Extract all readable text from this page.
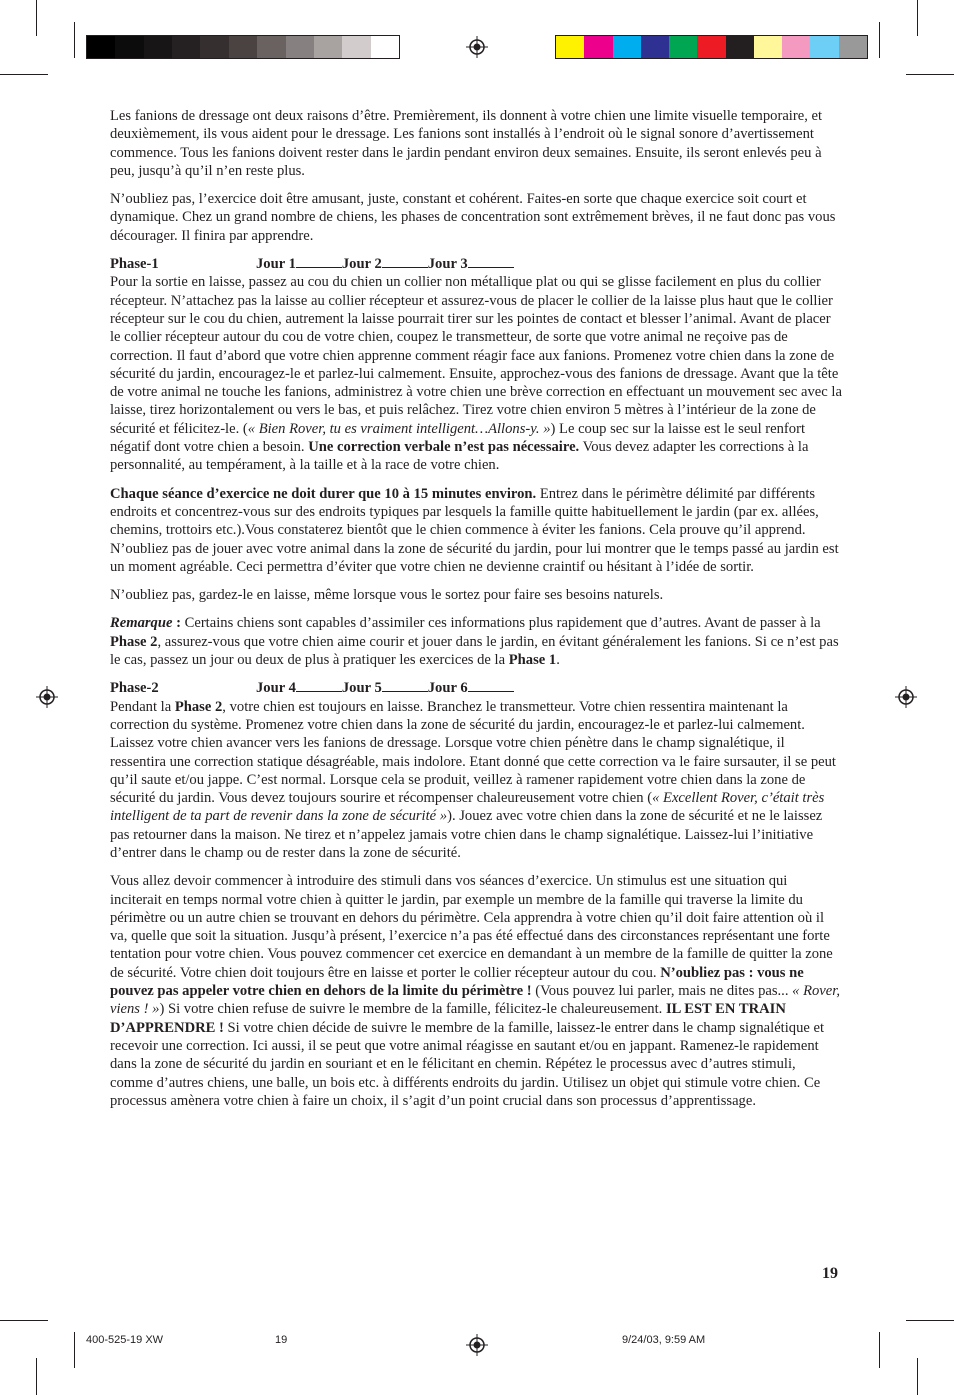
Les fanions de dressage ont deux raisons d’être. Premièrement, ils donnent à votre chien une limite visuelle temporaire, et deuxièmement, ils vous aident pour le dressage. Les fanions sont installés à l’endroit où le signal sonore d’avertissement commence. Tous les fanions doivent rester dans le jardin pendant environ deux semaines. Ensuite, ils seront enlevés peu à peu, jusqu’à qu’il n’en reste plus.

N’oubliez pas, l’exercice doit être amusant, juste, constant et cohérent. Faites-en sorte que chaque exercice soit court et dynamique. Chez un grand nombre de chiens, les phases de concentration sont extrêmement brèves, il ne faut donc pas vous décourager. Il finira par apprendre.

Phase-1	Jour 1	Jour 2	Jour 3

Pour la sortie en laisse, passez au cou du chien un collier non métallique plat ou qui se glisse facilement en plus du collier récepteur. N’attachez pas la laisse au collier récepteur et assurez-vous de placer le collier de la laisse plus haut que le collier récepteur sur le cou du chien, autrement la laisse pourrait tirer sur les pointes de contact et blesser l’animal. Avant de placer le collier récepteur autour du cou de votre chien, coupez le transmetteur, de sorte que votre animal ne reçoive pas de correction. Il faut d’abord que votre chien apprenne comment réagir face aux fanions. Promenez votre chien dans la zone de sécurité du jardin, encouragez-le et parlez-lui calmement. Ensuite, approchez-vous des fanions de dressage. Avant que la tête de votre animal ne touche les fanions, administrez à votre chien une brève correction en effectuant un mouvement sec avec la laisse, tirez horizontalement ou vers le bas, et puis relâchez. Tirez votre chien environ 5 mètres à l’intérieur de la zone de sécurité et félicitez-le. (« Bien Rover, tu es vraiment intelligent…Allons-y. ») Le coup sec sur la laisse est le seul renfort négatif dont votre chien a besoin. Une correction verbale n’est pas nécessaire. Vous devez adapter les corrections à la personnalité, au tempérament, à la taille et à la race de votre chien.

Chaque séance d’exercice ne doit durer que 10 à 15 minutes environ. Entrez dans le périmètre délimité par différents endroits et concentrez-vous sur des endroits typiques par lesquels la famille quitte habituellement le jardin (par ex. allées, chemins, trottoirs etc.).Vous constaterez bientôt que le chien commence à éviter les fanions. Cela prouve qu’il apprend. N’oubliez pas de jouer avec votre animal dans la zone de sécurité du jardin, pour lui montrer que le temps passé au jardin est un moment agréable. Ceci permettra d’éviter que votre chien ne devienne craintif ou hésitant à l’idée de sortir.

N’oubliez pas, gardez-le en laisse, même lorsque vous le sortez pour faire ses besoins naturels.

Remarque : Certains chiens sont capables d’assimiler ces informations plus rapidement que d’autres. Avant de passer à la Phase 2, assurez-vous que votre chien aime courir et jouer dans le jardin, en évitant généralement les fanions. Si ce n’est pas le cas, passez un jour ou deux de plus à pratiquer les exercices de la Phase 1.

Phase-2	Jour 4	Jour 5	Jour 6

Pendant la Phase 2, votre chien est toujours en laisse. Branchez le transmetteur. Votre chien ressentira maintenant la correction du système. Promenez votre chien dans la zone de sécurité du jardin, encouragez-le et parlez-lui calmement. Laissez votre chien avancer vers les fanions de dressage. Lorsque votre chien pénètre dans le champ signalétique, il ressentira une correction statique désagréable, mais indolore. Etant donné que cette correction va le faire sursauter, il se peut qu’il saute et/ou jappe. C’est normal. Lorsque cela se produit, veillez à ramener rapidement votre chien dans la zone de sécurité du jardin. Vous devez toujours sourire et récompenser chaleureusement votre chien (« Excellent Rover, c’était très intelligent de ta part de revenir dans la zone de sécurité »). Jouez avec votre chien dans la zone de sécurité et ne le laissez pas retourner dans la maison. Ne tirez et n’appelez jamais votre chien dans le champ signalétique. Laissez-lui l’initiative d’entrer dans le champ ou de rester dans la zone de sécurité.

Vous allez devoir commencer à introduire des stimuli dans vos séances d’exercice. Un stimulus est une situation qui inciterait en temps normal votre chien à quitter le jardin, par exemple un membre de la famille qui traverse la limite du périmètre ou un autre chien se trouvant en dehors du périmètre. Cela apprendra à votre chien qu’il doit faire attention où il va, quelle que soit la situation. Jusqu’à présent, l’exercice n’a pas été effectué dans des circonstances représentant une forte tentation pour votre chien. Vous pouvez commencer cet exercice en demandant à un membre de la famille de quitter la zone de sécurité. Votre chien doit toujours être en laisse et porter le collier récepteur autour du cou. N’oubliez pas : vous ne pouvez pas appeler votre chien en dehors de la limite du périmètre ! (Vous pouvez lui parler, mais ne dites pas... « Rover, viens ! ») Si votre chien refuse de suivre le membre de la famille, félicitez-le chaleureusement. IL EST EN TRAIN D’APPRENDRE ! Si votre chien décide de suivre le membre de la famille, laissez-le entrer dans le champ signalétique et recevoir une correction. Ici aussi, il se peut que votre animal réagisse en sautant et/ou en jappant. Ramenez-le rapidement dans la zone de sécurité du jardin en souriant et en le félicitant en chemin. Répétez le processus avec d’autres stimuli, comme d’autres chiens, une balle, un bois etc. à différents endroits du jardin. Utilisez un objet qui stimule votre chien. Ce processus amènera votre chien à faire un choix, il s’agit d’un point crucial dans son processus d’apprentissage.

19
400-525-19 XW	19	9/24/03, 9:59 AM
